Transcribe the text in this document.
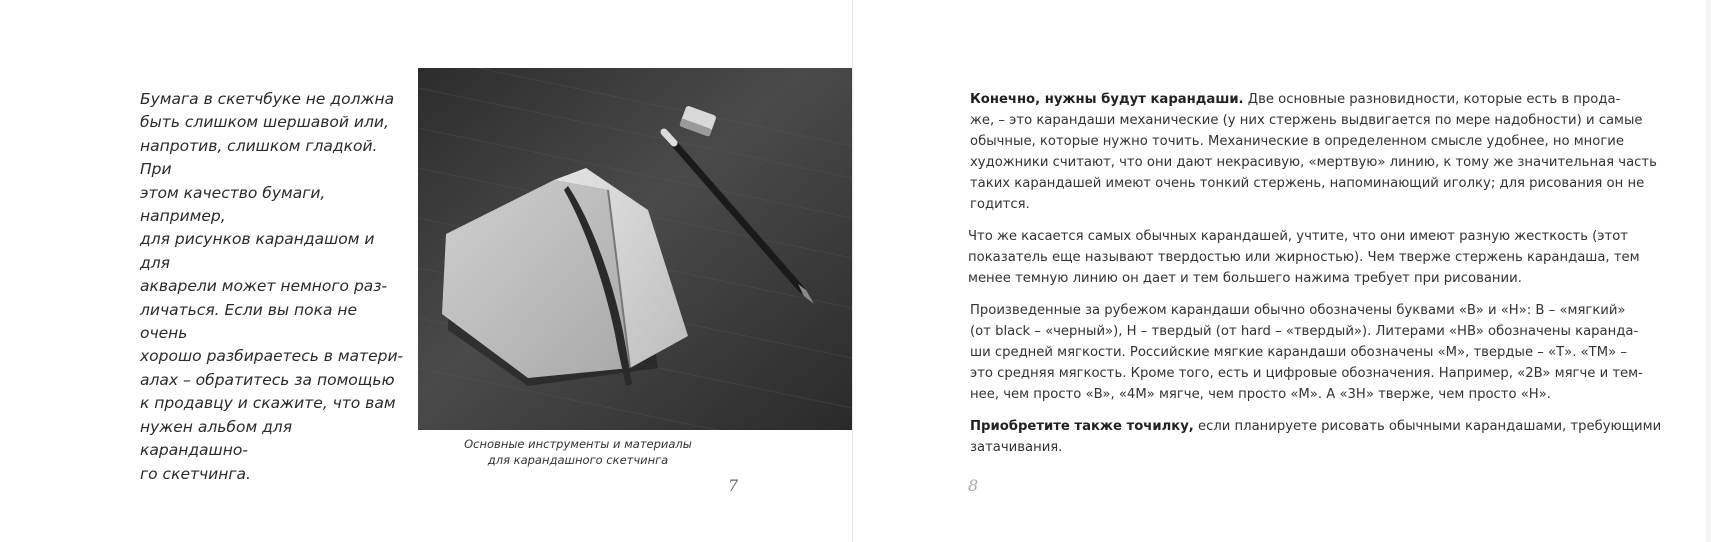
Бумага в скетчбуке не должна
быть слишком шершавой или,
напротив, слишком гладкой. При
этом качество бумаги, например,
для рисунков карандашом и для
акварели может немного раз-
личаться. Если вы пока не очень
хорошо разбираетесь в матери-
алах – обратитесь за помощью
к продавцу и скажите, что вам
нужен альбом для карандашно-
го скетчинга.

Основные инструменты и материалы
для карандашного скетчинга
7

Конечно, нужны будут карандаши. Две основные разновидности, которые есть в прода-
же, – это карандаши механические (у них стержень выдвигается по мере надобности) и самые
обычные, которые нужно точить. Механические в определенном смысле удобнее, но многие
художники считают, что они дают некрасивую, «мертвую» линию, к тому же значительная часть
таких карандашей имеют очень тонкий стержень, напоминающий иголку; для рисования он не
годится.

Что же касается самых обычных карандашей, учтите, что они имеют разную жесткость (этот
показатель еще называют твердостью или жирностью). Чем тверже стержень карандаша, тем
менее темную линию он дает и тем большего нажима требует при рисовании.

Произведенные за рубежом карандаши обычно обозначены буквами «B» и «H»: B – «мягкий»
(от black – «черный»), H – твердый (от hard – «твердый»). Литерами «HB» обозначены каранда-
ши средней мягкости. Российские мягкие карандаши обозначены «М», твердые – «Т». «ТМ» –
это средняя мягкость. Кроме того, есть и цифровые обозначения. Например, «2B» мягче и тем-
нее, чем просто «B», «4М» мягче, чем просто «М». А «3Н» тверже, чем просто «Н».

Приобретите также точилку, если планируете рисовать обычными карандашами, требующими
затачивания.

8
